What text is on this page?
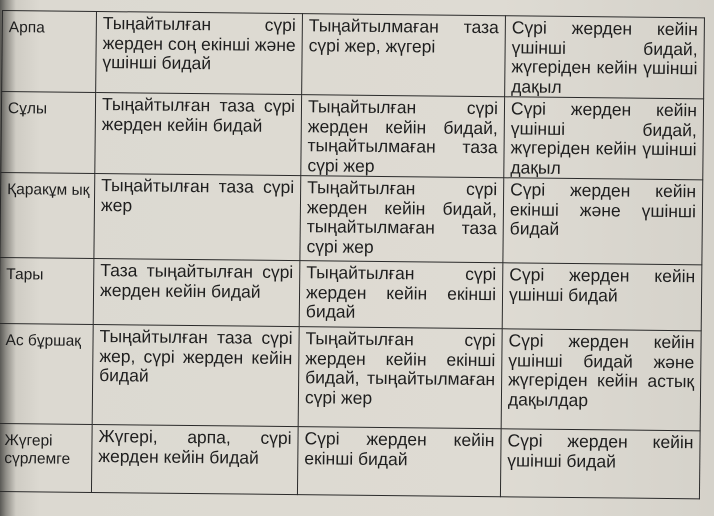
Арпа	Тыңайтылған сүрі жерден соң екінші және үшінші бидай	Тыңайтылмаған таза сүрі жер, жүгері	Сүрі жерден кейін үшінші бидай, жүгеріден кейін үшінші дақыл
Сұлы	Тыңайтылған таза сүрі жерден кейін бидай	Тыңайтылған сүрі жерден кейін бидай, тыңайтылмаған таза сүрі жер	Сүрі жерден кейін үшінші бидай, жүгеріден кейін үшінші дақыл
Қаракұм ық	Тыңайтылған таза сүрі жер	Тыңайтылған сүрі жерден кейін бидай, тыңайтылмаған таза сүрі жер	Сүрі жерден кейін екінші және үшінші бидай
Тары	Таза тыңайтылған сүрі жерден кейін бидай	Тыңайтылған сүрі жерден кейін екінші бидай	Сүрі жерден кейін үшінші бидай
Ас бұршақ	Тыңайтылған таза сүрі жер, сүрі жерден кейін бидай	Тыңайтылған сүрі жерден кейін екінші бидай, тыңайтылмаған сүрі жер	Сүрі жерден кейін үшінші бидай және жүгеріден кейін астық дақылдар
Жүгері сүрлемге	Жүгері, арпа, сүрі жерден кейін бидай	Сүрі жерден кейін екінші бидай	Сүрі жерден кейін үшінші бидай
